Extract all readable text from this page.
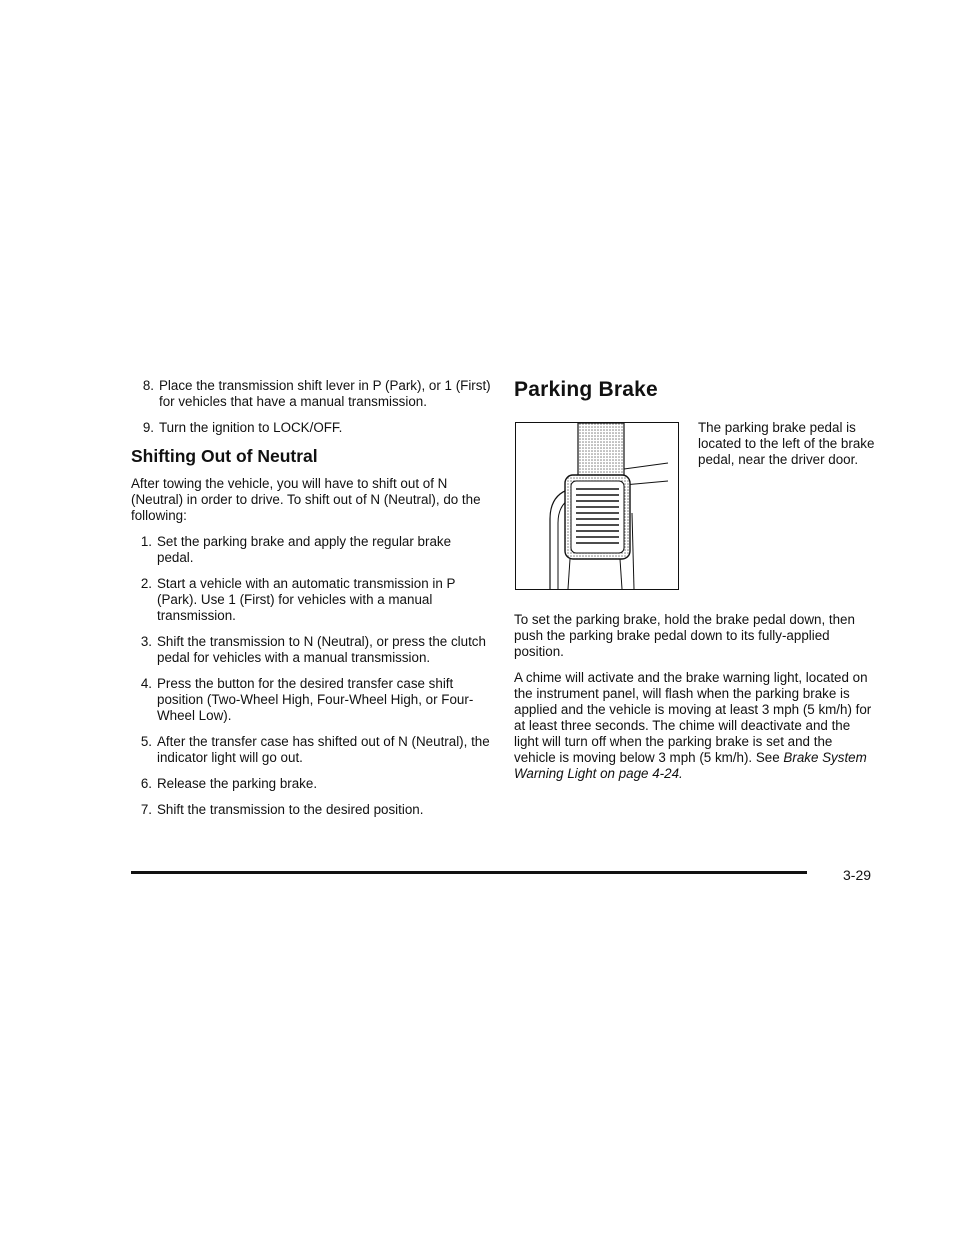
8. Place the transmission shift lever in P (Park), or 1 (First) for vehicles that have a manual transmission.
9. Turn the ignition to LOCK/OFF.
Shifting Out of Neutral

After towing the vehicle, you will have to shift out of N (Neutral) in order to drive. To shift out of N (Neutral), do the following:

1. Set the parking brake and apply the regular brake pedal.
2. Start a vehicle with an automatic transmission in P (Park). Use 1 (First) for vehicles with a manual transmission.
3. Shift the transmission to N (Neutral), or press the clutch pedal for vehicles with a manual transmission.
4. Press the button for the desired transfer case shift position (Two-Wheel High, Four-Wheel High, or Four-Wheel Low).
5. After the transfer case has shifted out of N (Neutral), the indicator light will go out.
6. Release the parking brake.
7. Shift the transmission to the desired position.
Parking Brake

The parking brake pedal is located to the left of the brake pedal, near the driver door.

To set the parking brake, hold the brake pedal down, then push the parking brake pedal down to its fully-applied position.

A chime will activate and the brake warning light, located on the instrument panel, will flash when the parking brake is applied and the vehicle is moving at least 3 mph (5 km/h) for at least three seconds. The chime will deactivate and the light will turn off when the parking brake is set and the vehicle is moving below 3 mph (5 km/h). See Brake System Warning Light on page 4-24.

3-29
